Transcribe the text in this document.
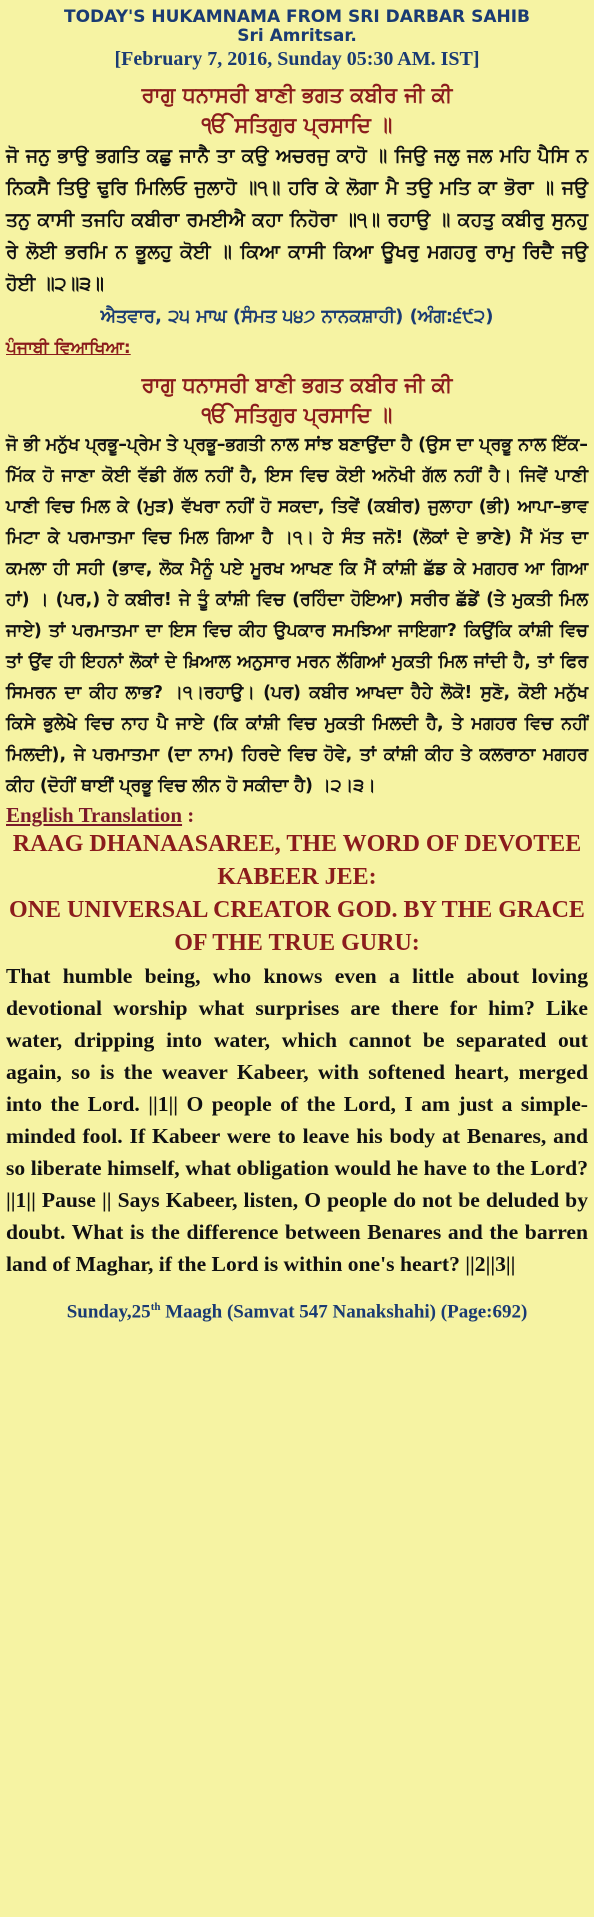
TODAY'S HUKAMNAMA FROM SRI DARBAR SAHIB
Sri Amritsar.
[February 7, 2016, Sunday 05:30 AM. IST]
ਰਾਗੁ ਧਨਾਸਰੀ ਬਾਣੀ ਭਗਤ ਕਬੀਰ ਜੀ ਕੀ
ੴ ਸਤਿਗੁਰ ਪ੍ਰਸਾਦਿ ॥
ਜੋ ਜਨੁ ਭਾਉ ਭਗਤਿ ਕਛੁ ਜਾਨੈ ਤਾ ਕਉ ਅਚਰਜੁ ਕਾਹੋ ॥ ਜਿਉ ਜਲੁ ਜਲ ਮਹਿ ਪੈਸਿ ਨ ਨਿਕਸੈ ਤਿਉ ਢੁਰਿ ਮਿਲਿਓ ਜੁਲਾਹੋ ॥੧॥ ਹਰਿ ਕੇ ਲੋਗਾ ਮੈ ਤਉ ਮਤਿ ਕਾ ਭੋਰਾ ॥ ਜਉ ਤਨੁ ਕਾਸੀ ਤਜਹਿ ਕਬੀਰਾ ਰਮਈਐ ਕਹਾ ਨਿਹੋਰਾ ॥੧॥ ਰਹਾਉ ॥ ਕਹਤੁ ਕਬੀਰੁ ਸੁਨਹੁ ਰੇ ਲੋਈ ਭਰਮਿ ਨ ਭੂਲਹੁ ਕੋਈ ॥ ਕਿਆ ਕਾਸੀ ਕਿਆ ਊਖਰੁ ਮਗਹਰੁ ਰਾਮੁ ਰਿਦੈ ਜਉ ਹੋਈ ॥੨॥੩॥
ਐਤਵਾਰ, ੨੫ ਮਾਘ (ਸੰਮਤ ੫੪੭ ਨਾਨਕਸ਼ਾਹੀ) (ਅੰਗ:੬੯੨)
ਪੰਜਾਬੀ ਵਿਆਖਿਆ:
ਰਾਗੁ ਧਨਾਸਰੀ ਬਾਣੀ ਭਗਤ ਕਬੀਰ ਜੀ ਕੀ
ੴ ਸਤਿਗੁਰ ਪ੍ਰਸਾਦਿ ॥
ਜੋ ਭੀ ਮਨੁੱਖ ਪ੍ਰਭੂ–ਪ੍ਰੇਮ ਤੇ ਪ੍ਰਭੂ–ਭਗਤੀ ਨਾਲ ਸਾਂਝ ਬਣਾਉਂਦਾ ਹੈ (ਉਸ ਦਾ ਪ੍ਰਭੂ ਨਾਲ ਇੱਕ–ਮਿੱਕ ਹੋ ਜਾਣਾ ਕੋਈ ਵੱਡੀ ਗੱਲ ਨਹੀਂ ਹੈ, ਇਸ ਵਿਚ ਕੋਈ ਅਨੋਖੀ ਗੱਲ ਨਹੀਂ ਹੈ। ਜਿਵੇਂ ਪਾਣੀ ਪਾਣੀ ਵਿਚ ਮਿਲ ਕੇ (ਮੁੜ) ਵੱਖਰਾ ਨਹੀਂ ਹੋ ਸਕਦਾ, ਤਿਵੇਂ (ਕਬੀਰ) ਜੁਲਾਹਾ (ਭੀ) ਆਪਾ–ਭਾਵ ਮਿਟਾ ਕੇ ਪਰਮਾਤਮਾ ਵਿਚ ਮਿਲ ਗਿਆ ਹੈ ।੧। ਹੇ ਸੰਤ ਜਨੋ! (ਲੋਕਾਂ ਦੇ ਭਾਣੇ) ਮੈਂ ਮੱਤ ਦਾ ਕਮਲਾ ਹੀ ਸਹੀ (ਭਾਵ, ਲੋਕ ਮੈਨੂੰ ਪਏ ਮੂਰਖ ਆਖਣ ਕਿ ਮੈਂ ਕਾਂਸ਼ੀ ਛੱਡ ਕੇ ਮਗਹਰ ਆ ਗਿਆ ਹਾਂ) । (ਪਰ,) ਹੇ ਕਬੀਰ! ਜੇ ਤੂੰ ਕਾਂਸ਼ੀ ਵਿਚ (ਰਹਿੰਦਾ ਹੋਇਆ) ਸਰੀਰ ਛੱਡੇਂ (ਤੇ ਮੁਕਤੀ ਮਿਲ ਜਾਏ) ਤਾਂ ਪਰਮਾਤਮਾ ਦਾ ਇਸ ਵਿਚ ਕੀਹ ਉਪਕਾਰ ਸਮਝਿਆ ਜਾਇਗਾ? ਕਿਉਂਕਿ ਕਾਂਸ਼ੀ ਵਿਚ ਤਾਂ ਉਂਵ ਹੀ ਇਹਨਾਂ ਲੋਕਾਂ ਦੇ ਖ਼ਿਆਲ ਅਨੁਸਾਰ ਮਰਨ ਲੱਗਿਆਂ ਮੁਕਤੀ ਮਿਲ ਜਾਂਦੀ ਹੈ, ਤਾਂ ਫਿਰ ਸਿਮਰਨ ਦਾ ਕੀਹ ਲਾਭ? ।੧।ਰਹਾਉ। (ਪਰ) ਕਬੀਰ ਆਖਦਾ ਹੈਹੇ ਲੋਕੋ! ਸੁਣੋ, ਕੋਈ ਮਨੁੱਖ ਕਿਸੇ ਭੁਲੇਖੇ ਵਿਚ ਨਾਹ ਪੈ ਜਾਏ (ਕਿ ਕਾਂਸ਼ੀ ਵਿਚ ਮੁਕਤੀ ਮਿਲਦੀ ਹੈ, ਤੇ ਮਗਹਰ ਵਿਚ ਨਹੀਂ ਮਿਲਦੀ), ਜੇ ਪਰਮਾਤਮਾ (ਦਾ ਨਾਮ) ਹਿਰਦੇ ਵਿਚ ਹੋਵੇ, ਤਾਂ ਕਾਂਸ਼ੀ ਕੀਹ ਤੇ ਕਲਰਾਠਾ ਮਗਹਰ ਕੀਹ (ਦੋਹੀਂ ਥਾਈਂ ਪ੍ਰਭੂ ਵਿਚ ਲੀਨ ਹੋ ਸਕੀਦਾ ਹੈ) ।੨।੩।
English Translation :
RAAG DHANAASAREE, THE WORD OF DEVOTEE KABEER JEE:
ONE UNIVERSAL CREATOR GOD. BY THE GRACE OF THE TRUE GURU:
That humble being, who knows even a little about loving devotional worship what surprises are there for him? Like water, dripping into water, which cannot be separated out again, so is the weaver Kabeer, with softened heart, merged into the Lord. ||1|| O people of the Lord, I am just a simple-minded fool. If Kabeer were to leave his body at Benares, and so liberate himself, what obligation would he have to the Lord? ||1|| Pause || Says Kabeer, listen, O people do not be deluded by doubt. What is the difference between Benares and the barren land of Maghar, if the Lord is within one's heart? ||2||3||
Sunday,25th Maagh (Samvat 547 Nanakshahi) (Page:692)
